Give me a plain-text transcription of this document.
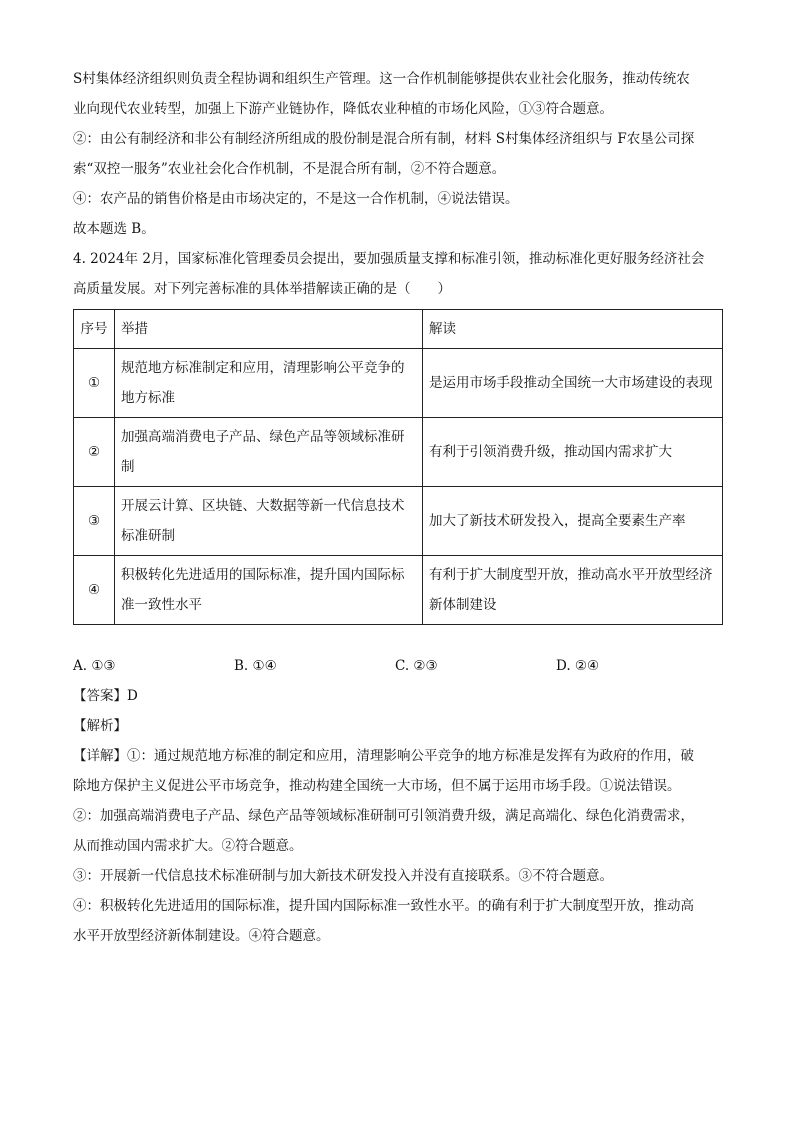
S村集体经济组织则负责全程协调和组织生产管理。这一合作机制能够提供农业社会化服务，推动传统农

业向现代农业转型，加强上下游产业链协作，降低农业种植的市场化风险，①③符合题意。

②：由公有制经济和非公有制经济所组成的股份制是混合所有制，材料 S村集体经济组织与 F农垦公司探

索“双控一服务”农业社会化合作机制，不是混合所有制，②不符合题意。

④：农产品的销售价格是由市场决定的，不是这一合作机制，④说法错误。

故本题选 B。

4. 2024年 2月，国家标准化管理委员会提出，要加强质量支撑和标准引领，推动标准化更好服务经济社会

高质量发展。对下列完善标准的具体举措解读正确的是（　　）

序号	举措	解读
①	规范地方标准制定和应用，清理影响公平竞争的地方标准	是运用市场手段推动全国统一大市场建设的表现
②	加强高端消费电子产品、绿色产品等领域标准研制	有利于引领消费升级，推动国内需求扩大
③	开展云计算、区块链、大数据等新一代信息技术标准研制	加大了新技术研发投入，提高全要素生产率
④	积极转化先进适用的国际标准，提升国内国际标准一致性水平	有利于扩大制度型开放，推动高水平开放型经济新体制建设
A. ①③	B. ①④	C. ②③	D. ②④

【答案】D

【解析】

【详解】①：通过规范地方标准的制定和应用，清理影响公平竞争的地方标准是发挥有为政府的作用，破

除地方保护主义促进公平市场竞争，推动构建全国统一大市场，但不属于运用市场手段。①说法错误。

②：加强高端消费电子产品、绿色产品等领域标准研制可引领消费升级，满足高端化、绿色化消费需求，

从而推动国内需求扩大。②符合题意。

③：开展新一代信息技术标准研制与加大新技术研发投入并没有直接联系。③不符合题意。

④：积极转化先进适用的国际标准，提升国内国际标准一致性水平。的确有利于扩大制度型开放，推动高

水平开放型经济新体制建设。④符合题意。
